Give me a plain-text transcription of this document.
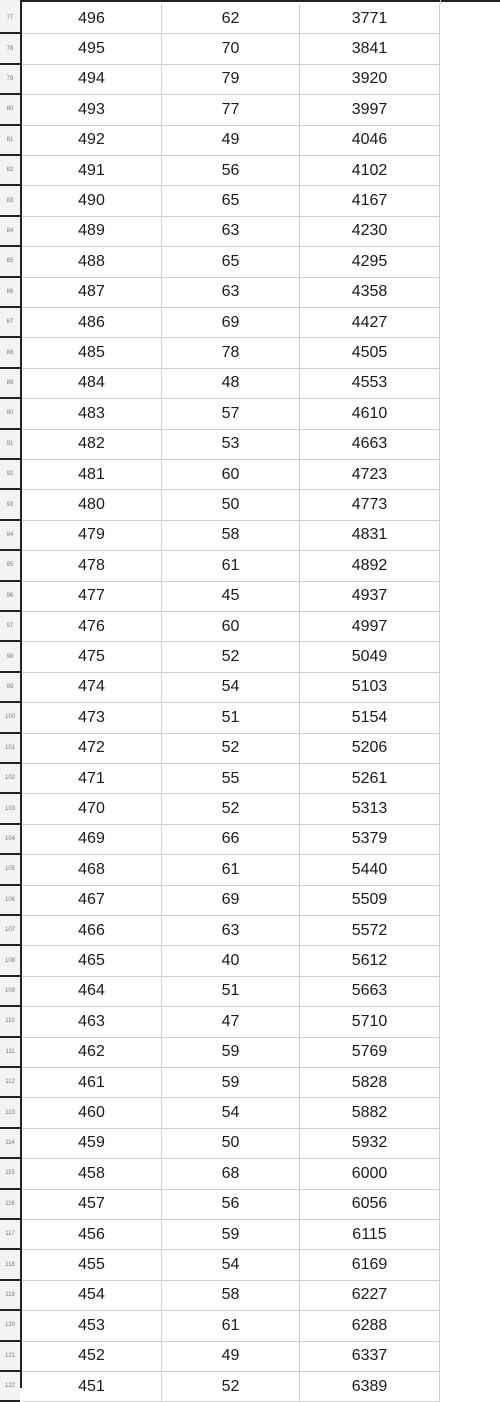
77	496	62	3771
78	495	70	3841
79	494	79	3920
80	493	77	3997
81	492	49	4046
82	491	56	4102
83	490	65	4167
84	489	63	4230
85	488	65	4295
86	487	63	4358
87	486	69	4427
88	485	78	4505
89	484	48	4553
90	483	57	4610
91	482	53	4663
92	481	60	4723
93	480	50	4773
94	479	58	4831
95	478	61	4892
96	477	45	4937
97	476	60	4997
98	475	52	5049
99	474	54	5103
100	473	51	5154
101	472	52	5206
102	471	55	5261
103	470	52	5313
104	469	66	5379
105	468	61	5440
106	467	69	5509
107	466	63	5572
108	465	40	5612
109	464	51	5663
110	463	47	5710
111	462	59	5769
112	461	59	5828
113	460	54	5882
114	459	50	5932
115	458	68	6000
116	457	56	6056
117	456	59	6115
118	455	54	6169
119	454	58	6227
120	453	61	6288
121	452	49	6337
122	451	52	6389
